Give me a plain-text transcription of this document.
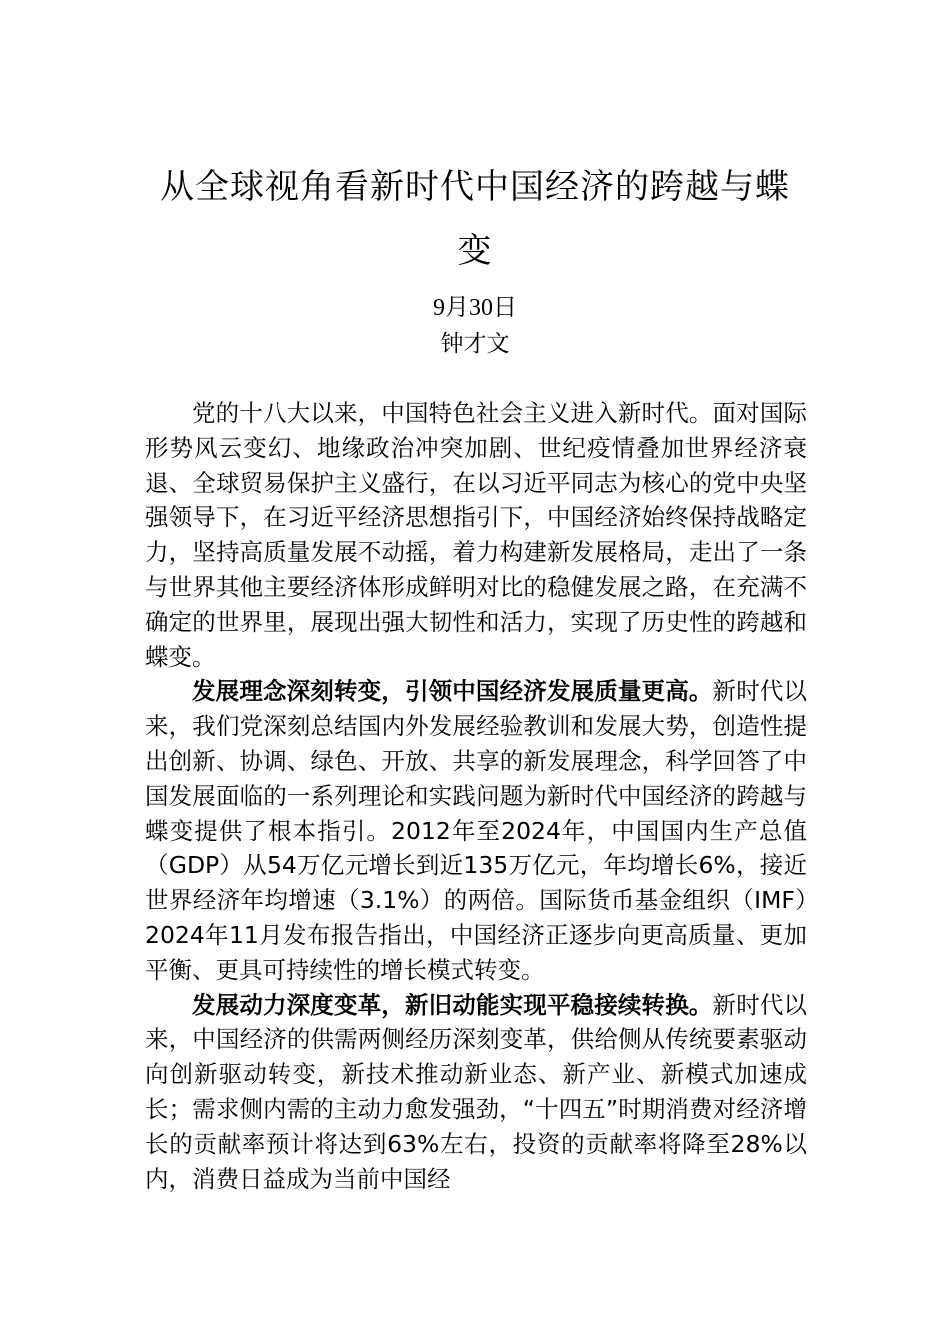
从全球视角看新时代中国经济的跨越与蝶变
9月30日
钟才文

党的十八大以来，中国特色社会主义进入新时代。面对国际形势风云变幻、地缘政治冲突加剧、世纪疫情叠加世界经济衰退、全球贸易保护主义盛行，在以习近平同志为核心的党中央坚强领导下，在习近平经济思想指引下，中国经济始终保持战略定力，坚持高质量发展不动摇，着力构建新发展格局，走出了一条与世界其他主要经济体形成鲜明对比的稳健发展之路，在充满不确定的世界里，展现出强大韧性和活力，实现了历史性的跨越和蝶变。

发展理念深刻转变，引领中国经济发展质量更高。新时代以来，我们党深刻总结国内外发展经验教训和发展大势，创造性提出创新、协调、绿色、开放、共享的新发展理念，科学回答了中国发展面临的一系列理论和实践问题为新时代中国经济的跨越与蝶变提供了根本指引。2012年至2024年，中国国内生产总值（GDP）从54万亿元增长到近135万亿元，年均增长6%，接近世界经济年均增速（3.1%）的两倍。国际货币基金组织（IMF）2024年11月发布报告指出，中国经济正逐步向更高质量、更加平衡、更具可持续性的增长模式转变。

发展动力深度变革，新旧动能实现平稳接续转换。新时代以来，中国经济的供需两侧经历深刻变革，供给侧从传统要素驱动向创新驱动转变，新技术推动新业态、新产业、新模式加速成长；需求侧内需的主动力愈发强劲，“十四五”时期消费对经济增长的贡献率预计将达到63%左右，投资的贡献率将降至28%以内，消费日益成为当前中国经
